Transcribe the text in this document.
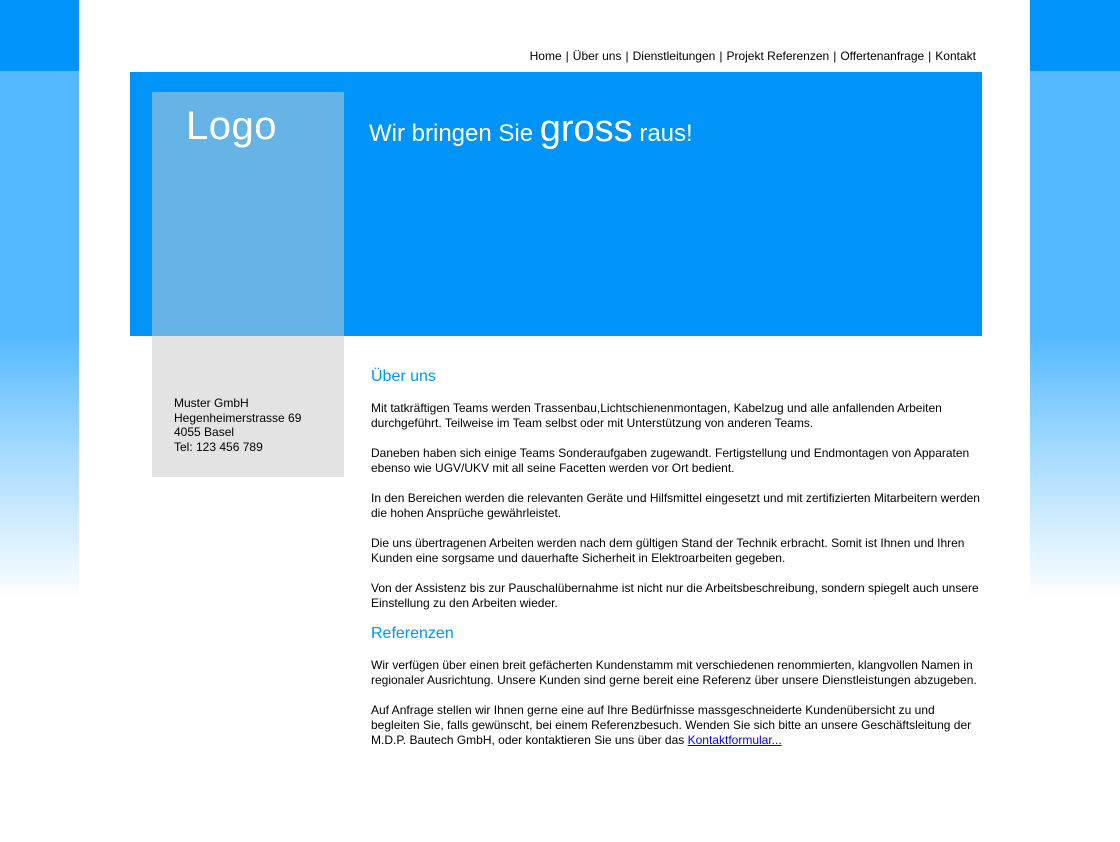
Home | Über uns | Dienstleitungen | Projekt Referenzen | Offertenanfrage | Kontakt
Logo	Wir bringen Sie gross raus!
Muster GmbH
Hegenheimerstrasse 69
4055 Basel
Tel: 123 456 789
Über uns

Mit tatkräftigen Teams werden Trassenbau,Lichtschienenmontagen, Kabelzug und alle anfallenden Arbeiten durchgeführt. Teilweise im Team selbst oder mit Unterstützung von anderen Teams.

Daneben haben sich einige Teams Sonderaufgaben zugewandt. Fertigstellung und Endmontagen von Apparaten ebenso wie UGV/UKV mit all seine Facetten werden vor Ort bedient.

In den Bereichen werden die relevanten Geräte und Hilfsmittel eingesetzt und mit zertifizierten Mitarbeitern werden die hohen Ansprüche gewährleistet.

Die uns übertragenen Arbeiten werden nach dem gültigen Stand der Technik erbracht. Somit ist Ihnen und Ihren Kunden eine sorgsame und dauerhafte Sicherheit in Elektroarbeiten gegeben.

Von der Assistenz bis zur Pauschalübernahme ist nicht nur die Arbeitsbeschreibung, sondern spiegelt auch unsere Einstellung zu den Arbeiten wieder.

Referenzen

Wir verfügen über einen breit gefächerten Kundenstamm mit verschiedenen renommierten, klangvollen Namen in regionaler Ausrichtung. Unsere Kunden sind gerne bereit eine Referenz über unsere Dienstleistungen abzugeben.

Auf Anfrage stellen wir Ihnen gerne eine auf Ihre Bedürfnisse massgeschneiderte Kundenübersicht zu und begleiten Sie, falls gewünscht, bei einem Referenzbesuch. Wenden Sie sich bitte an unsere Geschäftsleitung der M.D.P. Bautech GmbH, oder kontaktieren Sie uns über das Kontaktformular...
